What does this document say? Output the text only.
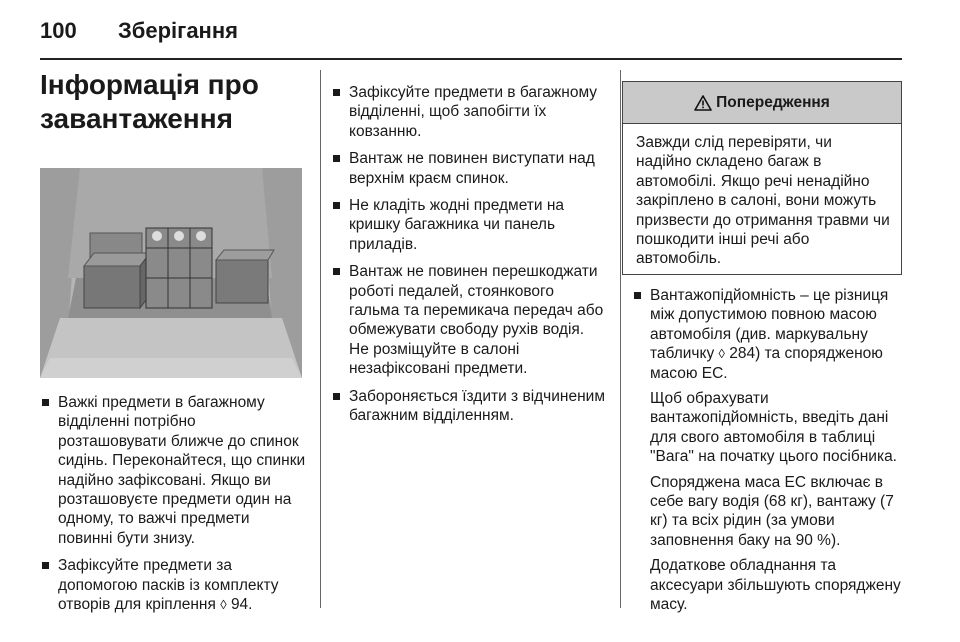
100 Зберігання
Інформація про
завантаження
Важкі предмети в багажному відділенні потрібно розташовувати ближче до спинок сидінь. Переконайтеся, що спинки надійно зафіксовані. Якщо ви розташовуєте предмети один на одному, то важчі предмети повинні бути знизу.
Зафіксуйте предмети за допомогою пасків із комплекту отворів для кріплення ◊ 94.
Зафіксуйте предмети в багажному відділенні, щоб запобігти їх ковзанню.
Вантаж не повинен виступати над верхнім краєм спинок.
Не кладіть жодні предмети на кришку багажника чи панель приладів.
Вантаж не повинен перешкоджати роботі педалей, стоянкового гальма та перемикача передач або обмежувати свободу рухів водія. Не розміщуйте в салоні незафіксовані предмети.
Забороняється їздити з відчиненим багажним відділенням.
Попередження
Завжди слід перевіряти, чи надійно складено багаж в автомобілі. Якщо речі ненадійно закріплено в салоні, вони можуть призвести до отримання травми чи пошкодити інші речі або автомобіль.

Вантажопідйомність – це різниця між допустимою повною масою автомобіля (див. маркувальну табличку ◊ 284) та спорядженою масою ЕС.

Щоб обрахувати вантажопідйомність, введіть дані для свого автомобіля в таблиці "Вага" на початку цього посібника.

Споряджена маса ЕС включає в себе вагу водія (68 кг), вантажу (7 кг) та всіх рідин (за умови заповнення баку на 90 %).

Додаткове обладнання та аксесуари збільшують споряджену масу.
